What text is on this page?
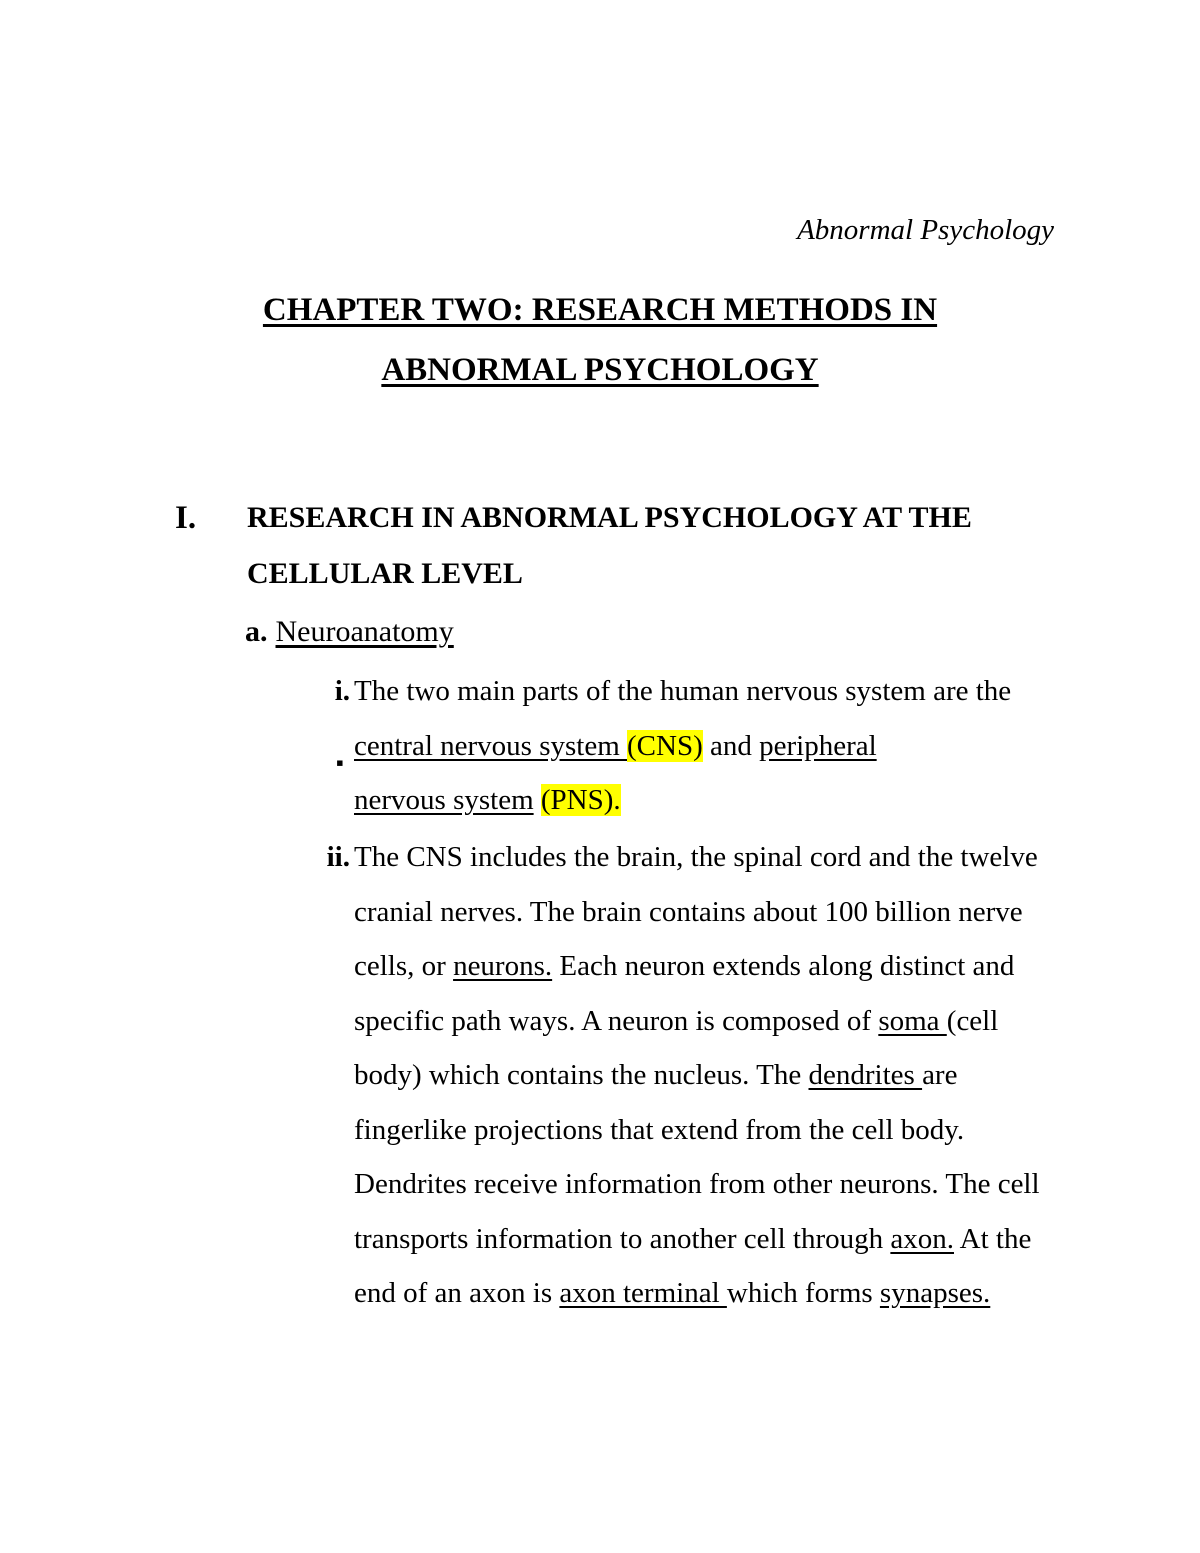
Abnormal Psychology
CHAPTER TWO: RESEARCH METHODS IN
ABNORMAL PSYCHOLOGY
I. RESEARCH IN ABNORMAL PSYCHOLOGY AT THE CELLULAR LEVEL
a. Neuroanatomy
i.
▪
The two main parts of the human nervous system are the central nervous system (CNS) and peripheral
nervous system (PNS).
ii. The CNS includes the brain, the spinal cord and the twelve cranial nerves. The brain contains about 100 billion nerve cells, or neurons. Each neuron extends along distinct and specific path ways. A neuron is composed of soma (cell body) which contains the nucleus. The dendrites are fingerlike projections that extend from the cell body. Dendrites receive information from other neurons. The cell transports information to another cell through axon. At the end of an axon is axon terminal which forms synapses.
